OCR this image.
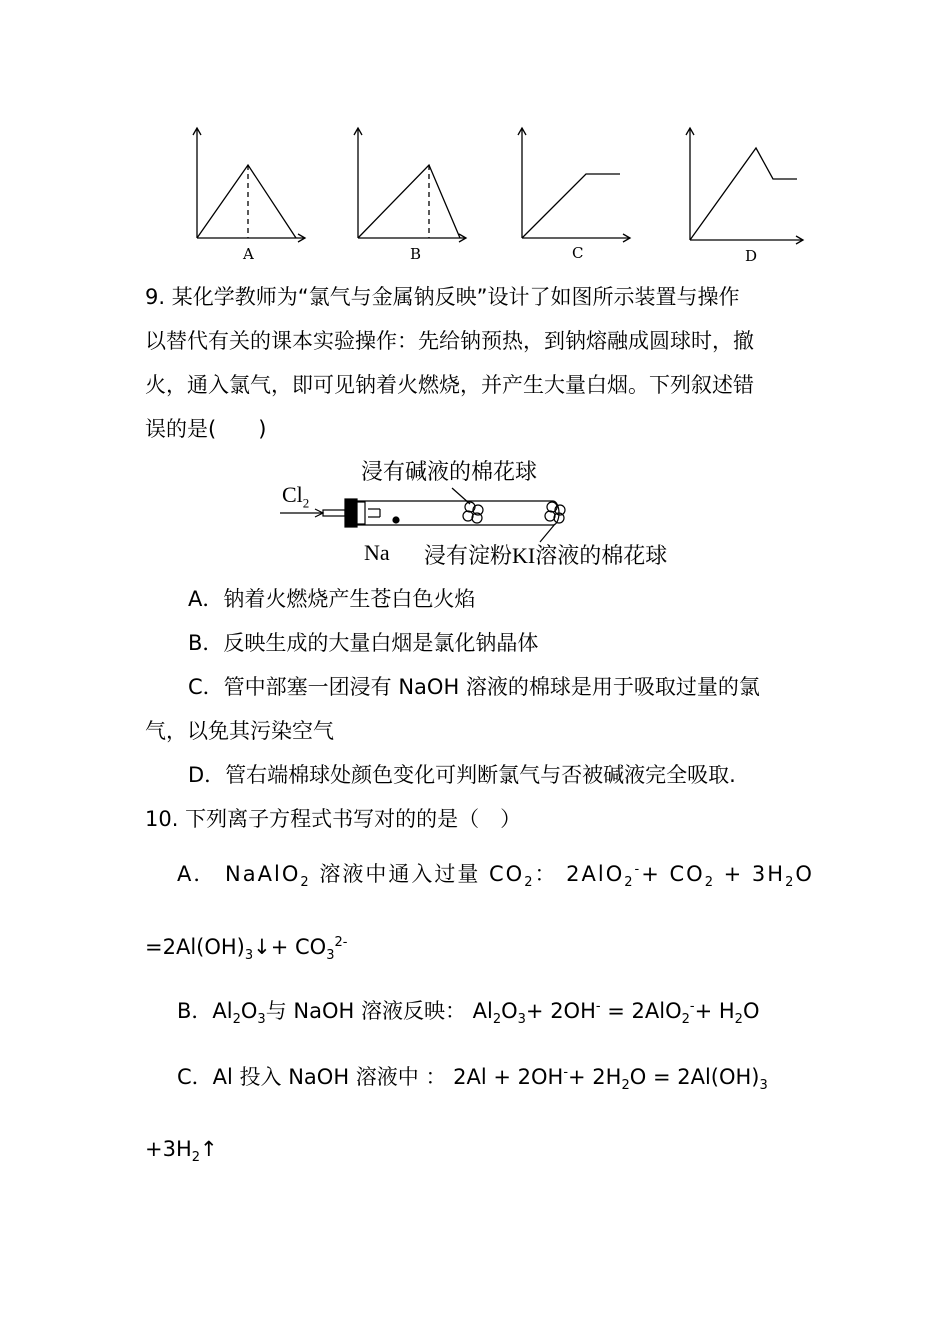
A	B	C	D
9. 某化学教师为“氯气与金属钠反映”设计了如图所示装置与操作
以替代有关的课本实验操作：先给钠预热，到钠熔融成圆球时，撤
火，通入氯气，即可见钠着火燃烧，并产生大量白烟。下列叙述错
误的是(　　)
浸有碱液的棉花球
$Cl_2$
Na 浸有淀粉KI溶液的棉花球
A．钠着火燃烧产生苍白色火焰
B．反映生成的大量白烟是氯化钠晶体
C．管中部塞一团浸有 NaOH 溶液的棉球是用于吸取过量的氯
气，以免其污染空气
D．管右端棉球处颜色变化可判断氯气与否被碱液完全吸取.
10. 下列离子方程式书写对的的是（　）
A． NaAlO$_2$ 溶液中通入过量 $CO_2$： $2AlO_2^-+ CO_2 + 3H_2O$
$=2Al(OH)_3↓+ CO_3^{2-}$
B．$Al_2O_3$与 NaOH 溶液反映： $Al_2O_3+ 2OH^- = 2AlO_2^-+ H_2O$
C．Al 投入 NaOH 溶液中 ： $2Al + 2OH^-+ 2H_2O = 2Al(OH)_3$
$+3H_2↑$
